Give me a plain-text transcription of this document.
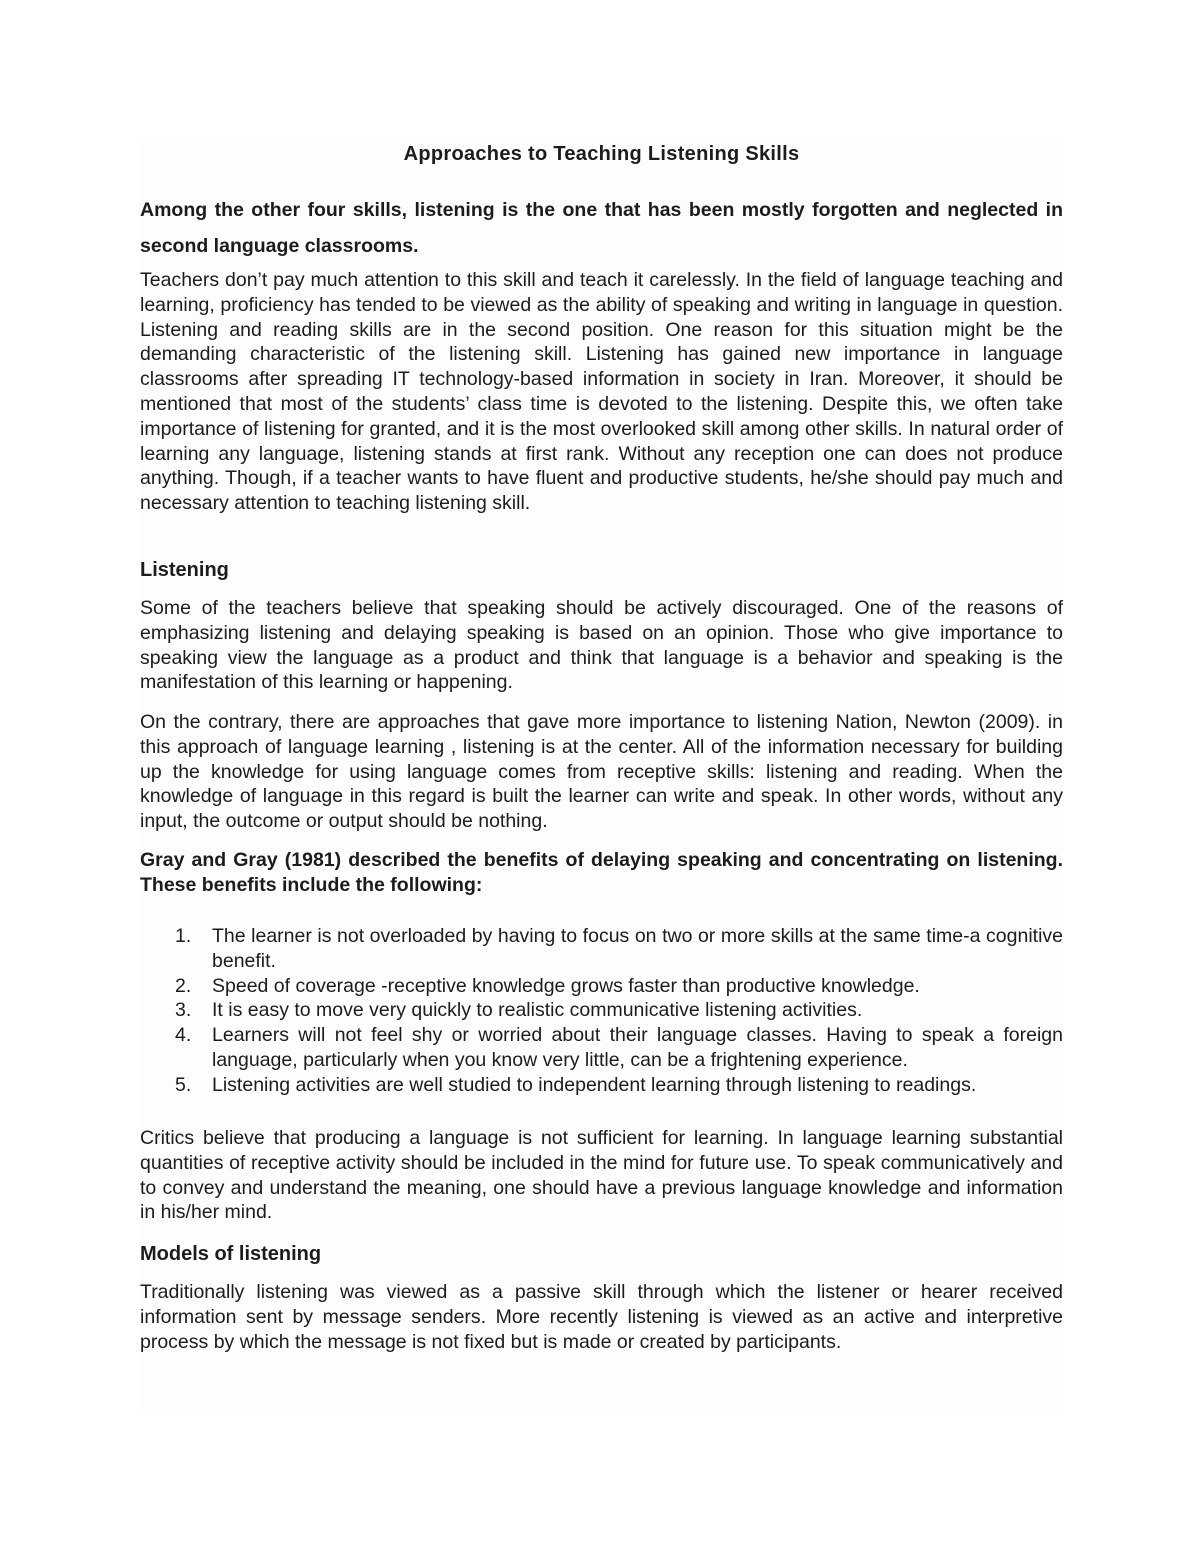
Approaches to Teaching Listening Skills

Among the other four skills, listening is the one that has been mostly forgotten and neglected in second language classrooms.

Teachers don’t pay much attention to this skill and teach it carelessly. In the field of language teaching and learning, proficiency has tended to be viewed as the ability of speaking and writing in language in question. Listening and reading skills are in the second position. One reason for this situation might be the demanding characteristic of the listening skill. Listening has gained new importance in language classrooms after spreading IT technology-based information in society in Iran. Moreover, it should be mentioned that most of the students’ class time is devoted to the listening. Despite this, we often take importance of listening for granted, and it is the most overlooked skill among other skills. In natural order of learning any language, listening stands at first rank. Without any reception one can does not produce anything. Though, if a teacher wants to have fluent and productive students, he/she should pay much and necessary attention to teaching listening skill.

Listening

Some of the teachers believe that speaking should be actively discouraged. One of the reasons of emphasizing listening and delaying speaking is based on an opinion. Those who give importance to speaking view the language as a product and think that language is a behavior and speaking is the manifestation of this learning or happening.

On the contrary, there are approaches that gave more importance to listening Nation, Newton (2009). in this approach of language learning , listening is at the center. All of the information necessary for building up the knowledge for using language comes from receptive skills: listening and reading. When the knowledge of language in this regard is built the learner can write and speak. In other words, without any input, the outcome or output should be nothing.

Gray and Gray (1981) described the benefits of delaying speaking and concentrating on listening. These benefits include the following:

1. The learner is not overloaded by having to focus on two or more skills at the same time-a cognitive benefit.
2. Speed of coverage -receptive knowledge grows faster than productive knowledge.
3. It is easy to move very quickly to realistic communicative listening activities.
4. Learners will not feel shy or worried about their language classes. Having to speak a foreign language, particularly when you know very little, can be a frightening experience.
5. Listening activities are well studied to independent learning through listening to readings.

Critics believe that producing a language is not sufficient for learning. In language learning substantial quantities of receptive activity should be included in the mind for future use. To speak communicatively and to convey and understand the meaning, one should have a previous language knowledge and information in his/her mind.

Models of listening

Traditionally listening was viewed as a passive skill through which the listener or hearer received information sent by message senders. More recently listening is viewed as an active and interpretive process by which the message is not fixed but is made or created by participants.
